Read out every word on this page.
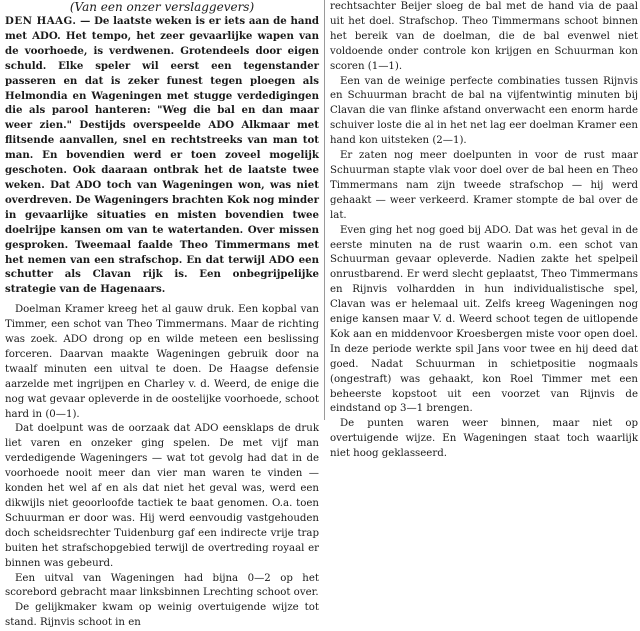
(Van een onzer verslaggevers)

DEN HAAG. — De laatste weken is er iets aan de hand met ADO. Het tempo, het zeer gevaarlijke wapen van de voorhoede, is verdwenen. Grotendeels door eigen schuld. Elke speler wil eerst een tegenstander passeren en dat is zeker funest tegen ploegen als Helmondia en Wageningen met stugge verdedigingen die als parool hanteren: "Weg die bal en dan maar weer zien." Destijds overspeelde ADO Alkmaar met flitsende aanvallen, snel en rechtstreeks van man tot man. En bovendien werd er toen zoveel mogelijk geschoten. Ook daaraan ontbrak het de laatste twee weken. Dat ADO toch van Wageningen won, was niet overdreven. De Wageningers brachten Kok nog minder in gevaarlijke situaties en misten bovendien twee doelrijpe kansen om van te watertanden. Over missen gesproken. Tweemaal faalde Theo Timmermans met het nemen van een strafschop. En dat terwijl ADO een schutter als Clavan rijk is. Een onbegrijpelijke strategie van de Hagenaars.

Doelman Kramer kreeg het al gauw druk. Een kopbal van Timmer, een schot van Theo Timmermans. Maar de richting was zoek. ADO drong op en wilde meteen een beslissing forceren. Daarvan maakte Wageningen gebruik door na twaalf minuten een uitval te doen. De Haagse defensie aarzelde met ingrijpen en Charley v. d. Weerd, de enige die nog wat gevaar opleverde in de oostelijke voorhoede, schoot hard in (0—1).

Dat doelpunt was de oorzaak dat ADO eensklaps de druk liet varen en onzeker ging spelen. De met vijf man verdedigende Wageningers — wat tot gevolg had dat in de voorhoede nooit meer dan vier man waren te vinden — konden het wel af en als dat niet het geval was, werd een dikwijls niet geoorloofde tactiek te baat genomen. O.a. toen Schuurman er door was. Hij werd eenvoudig vastgehouden doch scheidsrechter Tuidenburg gaf een indirecte vrije trap buiten het strafschopgebied terwijl de overtreding royaal er binnen was gebeurd.

Een uitval van Wageningen had bijna 0—2 op het scorebord gebracht maar linksbinnen Lrechting schoot over.

De gelijkmaker kwam op weinig overtuigende wijze tot stand. Rijnvis schoot in en

rechtsachter Beijer sloeg de bal met de hand via de paal uit het doel. Strafschop. Theo Timmermans schoot binnen het bereik van de doelman, die de bal evenwel niet voldoende onder controle kon krijgen en Schuurman kon scoren (1—1).

Een van de weinige perfecte combinaties tussen Rijnvis en Schuurman bracht de bal na vijfentwintig minuten bij Clavan die van flinke afstand onverwacht een enorm harde schuiver loste die al in het net lag eer doelman Kramer een hand kon uitsteken (2—1).

Er zaten nog meer doelpunten in voor de rust maar Schuurman stapte vlak voor doel over de bal heen en Theo Timmermans nam zijn tweede strafschop — hij werd gehaakt — weer verkeerd. Kramer stompte de bal over de lat.

Even ging het nog goed bij ADO. Dat was het geval in de eerste minuten na de rust waarin o.m. een schot van Schuurman gevaar opleverde. Nadien zakte het spelpeil onrustbarend. Er werd slecht geplaatst, Theo Timmermans en Rijnvis volhardden in hun individualistische spel, Clavan was er helemaal uit. Zelfs kreeg Wageningen nog enige kansen maar V. d. Weerd schoot tegen de uitlopende Kok aan en middenvoor Kroesbergen miste voor open doel. In deze periode werkte spil Jans voor twee en hij deed dat goed. Nadat Schuurman in schietpositie nogmaals (ongestraft) was gehaakt, kon Roel Timmer met een beheerste kopstoot uit een voorzet van Rijnvis de eindstand op 3—1 brengen.

De punten waren weer binnen, maar niet op overtuigende wijze. En Wageningen staat toch waarlijk niet hoog geklasseerd.
